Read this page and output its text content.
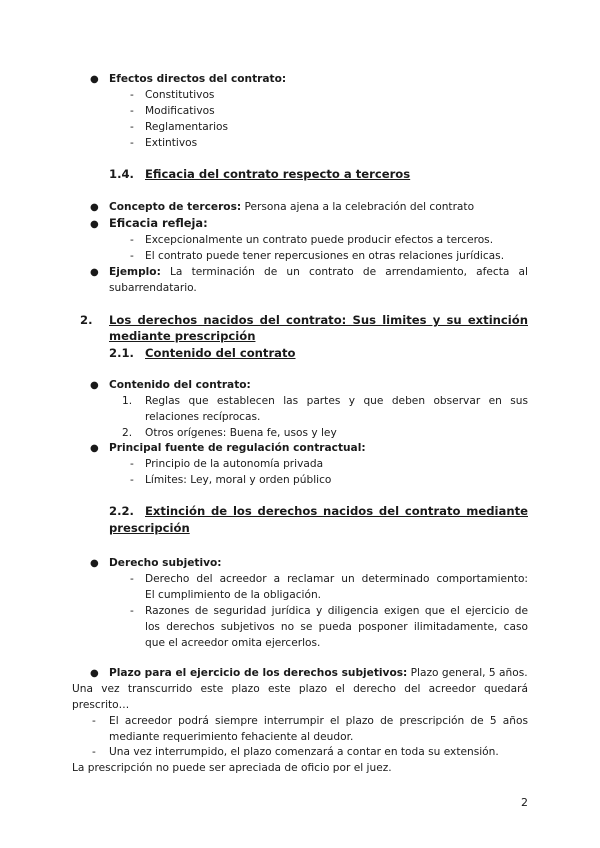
● Efectos directos del contrato:
- Constitutivos
- Modificativos
- Reglamentarios
- Extintivos
1.4. Eficacia del contrato respecto a terceros
● Concepto de terceros: Persona ajena a la celebración del contrato
● Eficacia refleja:
- Excepcionalmente un contrato puede producir efectos a terceros.
- El contrato puede tener repercusiones en otras relaciones jurídicas.
● Ejemplo: La terminación de un contrato de arrendamiento, afecta al
subarrendatario.
2. Los derechos nacidos del contrato: Sus limites y su extinción
mediante prescripción
2.1. Contenido del contrato
● Contenido del contrato:
1. Reglas que establecen las partes y que deben observar en sus
relaciones recíprocas.
2. Otros orígenes: Buena fe, usos y ley
● Principal fuente de regulación contractual:
- Principio de la autonomía privada
- Límites: Ley, moral y orden público
2.2. Extinción de los derechos nacidos del contrato mediante
prescripción
● Derecho subjetivo:
- Derecho del acreedor a reclamar un determinado comportamiento:
El cumplimiento de la obligación.
- Razones de seguridad jurídica y diligencia exigen que el ejercicio de
los derechos subjetivos no se pueda posponer ilimitadamente, caso
que el acreedor omita ejercerlos.
● Plazo para el ejercicio de los derechos subjetivos: Plazo general, 5 años.
Una vez transcurrido este plazo este plazo el derecho del acreedor quedará
prescrito…
- El acreedor podrá siempre interrumpir el plazo de prescripción de 5 años
mediante requerimiento fehaciente al deudor.
- Una vez interrumpido, el plazo comenzará a contar en toda su extensión.
La prescripción no puede ser apreciada de oficio por el juez.
2
